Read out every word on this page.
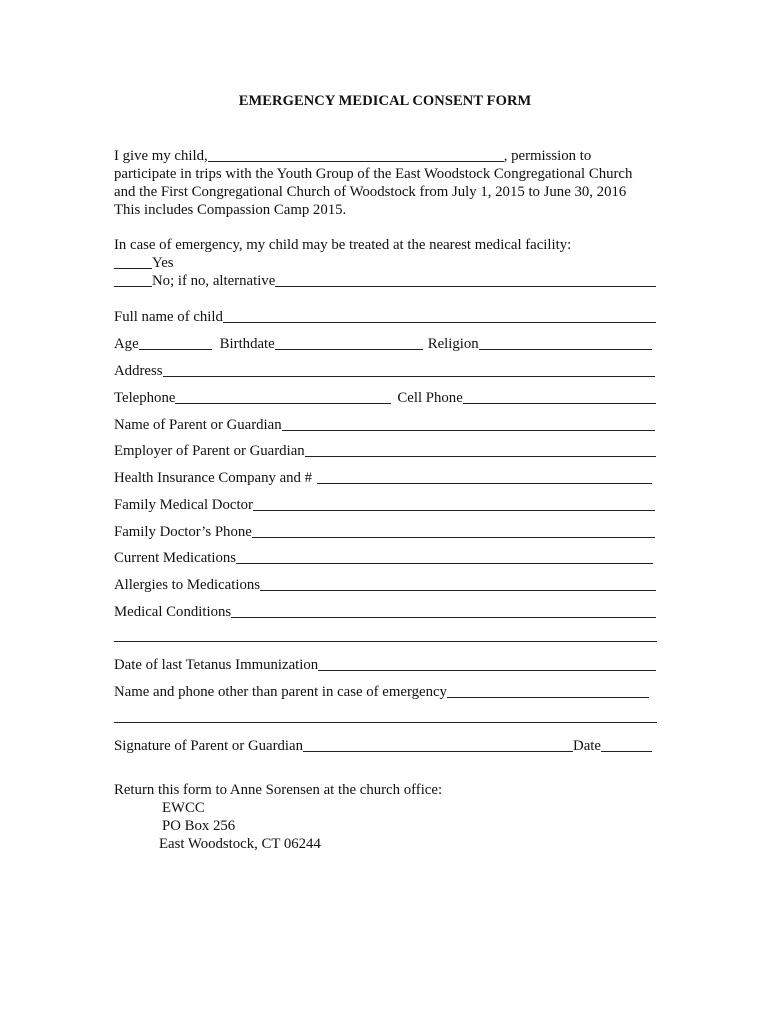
EMERGENCY MEDICAL CONSENT FORM
I give my child,	, permission to
participate in trips with the Youth Group of the East Woodstock Congregational Church
and the First Congregational Church of Woodstock from July 1, 2015 to June 30, 2016
This includes Compassion Camp 2015.
In case of emergency, my child may be treated at the nearest medical facility:
Yes
No; if no, alternative
Full name of child
Age	Birthdate	Religion
Address
Telephone	Cell Phone
Name of Parent or Guardian
Employer of Parent or Guardian
Health Insurance Company and #
Family Medical Doctor
Family Doctor’s Phone
Current Medications
Allergies to Medications
Medical Conditions
Date of last Tetanus Immunization
Name and phone other than parent in case of emergency
Signature of Parent or Guardian	Date
Return this form to Anne Sorensen at the church office:
EWCC
PO Box 256
East Woodstock, CT 06244
